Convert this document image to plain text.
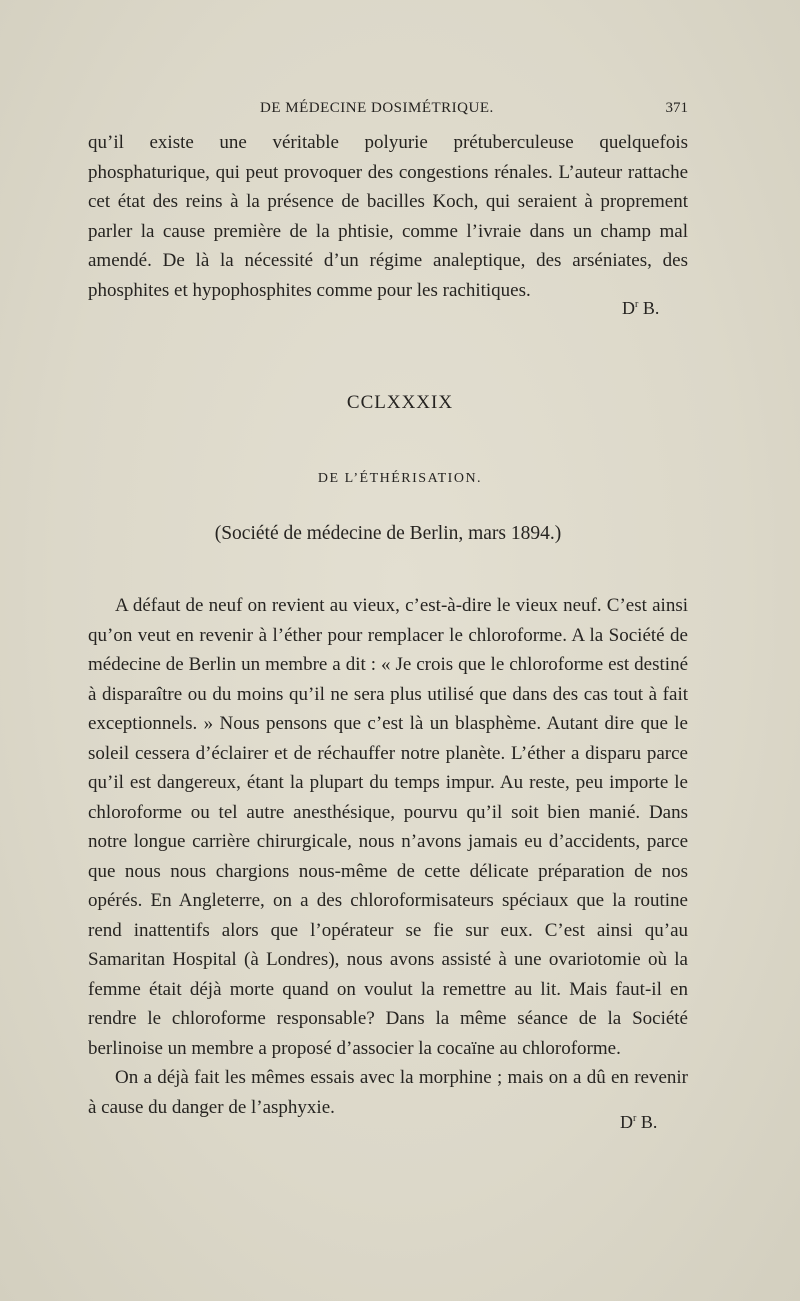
DE MÉDECINE DOSIMÉTRIQUE.	371

qu’il existe une véritable polyurie prétuberculeuse quelquefois phosphaturique, qui peut provoquer des congestions rénales. L’auteur rattache cet état des reins à la présence de bacilles Koch, qui seraient à proprement parler la cause première de la phtisie, comme l’ivraie dans un champ mal amendé. De là la nécessité d’un régime analeptique, des arséniates, des phosphites et hypophosphites comme pour les rachitiques.

$D^r$ B.
CCLXXXIX
DE L’ÉTHÉRISATION.
(Société de médecine de Berlin, mars 1894.)

A défaut de neuf on revient au vieux, c’est-à-dire le vieux neuf. C’est ainsi qu’on veut en revenir à l’éther pour remplacer le chloroforme. A la Société de médecine de Berlin un membre a dit : « Je crois que le chloroforme est destiné à disparaître ou du moins qu’il ne sera plus utilisé que dans des cas tout à fait exceptionnels. » Nous pensons que c’est là un blasphème. Autant dire que le soleil cessera d’éclairer et de réchauffer notre planète. L’éther a disparu parce qu’il est dangereux, étant la plupart du temps impur. Au reste, peu importe le chloroforme ou tel autre anesthésique, pourvu qu’il soit bien manié. Dans notre longue carrière chirurgicale, nous n’avons jamais eu d’accidents, parce que nous nous chargions nous-même de cette délicate préparation de nos opérés. En Angleterre, on a des chloroformisateurs spéciaux que la routine rend inattentifs alors que l’opérateur se fie sur eux. C’est ainsi qu’au Samaritan Hospital (à Londres), nous avons assisté à une ovariotomie où la femme était déjà morte quand on voulut la remettre au lit. Mais faut-il en rendre le chloroforme responsable? Dans la même séance de la Société berlinoise un membre a proposé d’associer la cocaïne au chloroforme.

On a déjà fait les mêmes essais avec la morphine ; mais on a dû en revenir à cause du danger de l’asphyxie.

$D^r$ B.
